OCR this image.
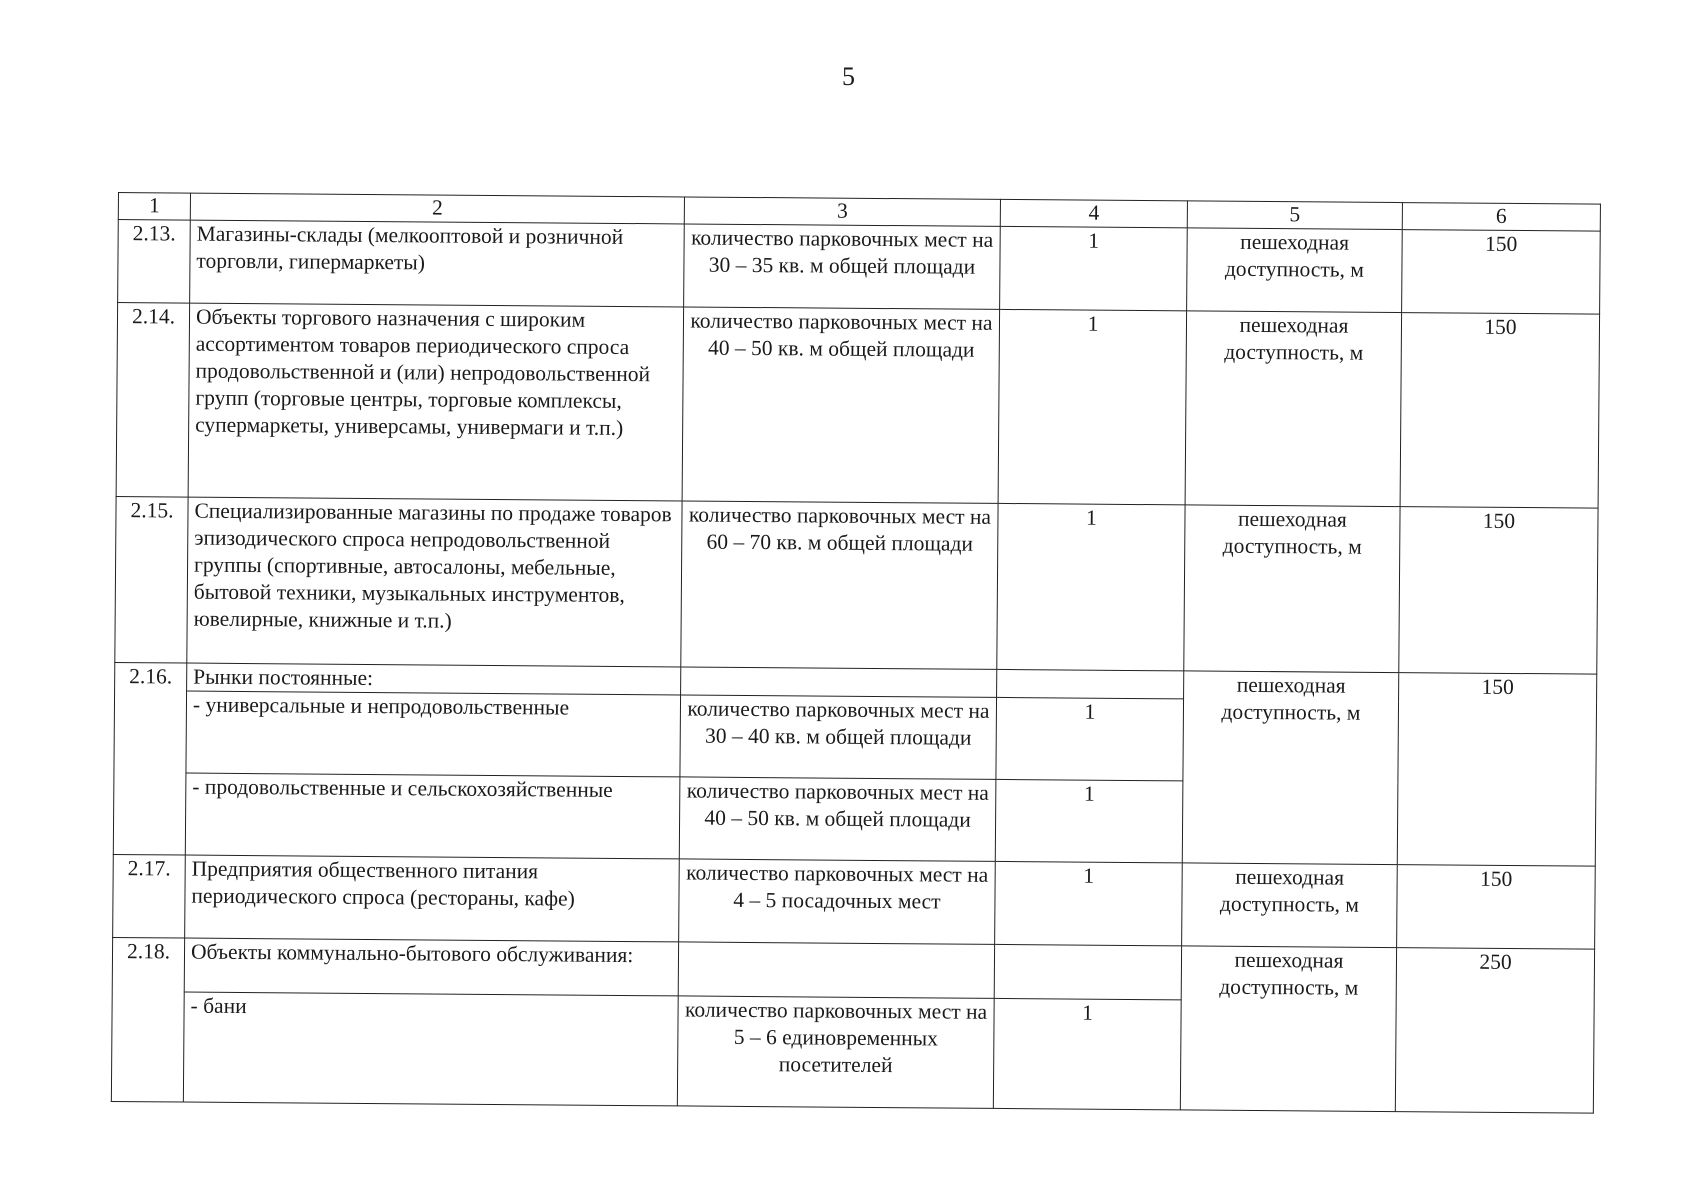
5
1	2	3	4	5	6
2.13.	Магазины-склады (мелкооптовой и розничной торговли, гипермаркеты)	количество парковочных мест на 30 – 35 кв. м общей площади	1	пешеходная доступность, м	150
2.14.	Объекты торгового назначения с широким ассортиментом товаров периодического спроса продовольственной и (или) непродовольственной групп (торговые центры, торговые комплексы, супермаркеты, универсамы, универмаги и т.п.)	количество парковочных мест на 40 – 50 кв. м общей площади	1	пешеходная доступность, м	150
2.15.	Специализированные магазины по продаже товаров эпизодического спроса непродовольственной группы (спортивные, автосалоны, мебельные, бытовой техники, музыкальных инструментов, ювелирные, книжные и т.п.)	количество парковочных мест на 60 – 70 кв. м общей площади	1	пешеходная доступность, м	150
2.16.	Рынки постоянные:			пешеходная доступность, м	150
	- универсальные и непродовольственные	количество парковочных мест на 30 – 40 кв. м общей площади	1		
	- продовольственные и сельскохозяйственные	количество парковочных мест на 40 – 50 кв. м общей площади	1		
2.17.	Предприятия общественного питания периодического спроса (рестораны, кафе)	количество парковочных мест на 4 – 5 посадочных мест	1	пешеходная доступность, м	150
2.18.	Объекты коммунально-бытового обслуживания:			пешеходная доступность, м	250
	- бани	количество парковочных мест на 5 – 6 единовременных посетителей	1		
